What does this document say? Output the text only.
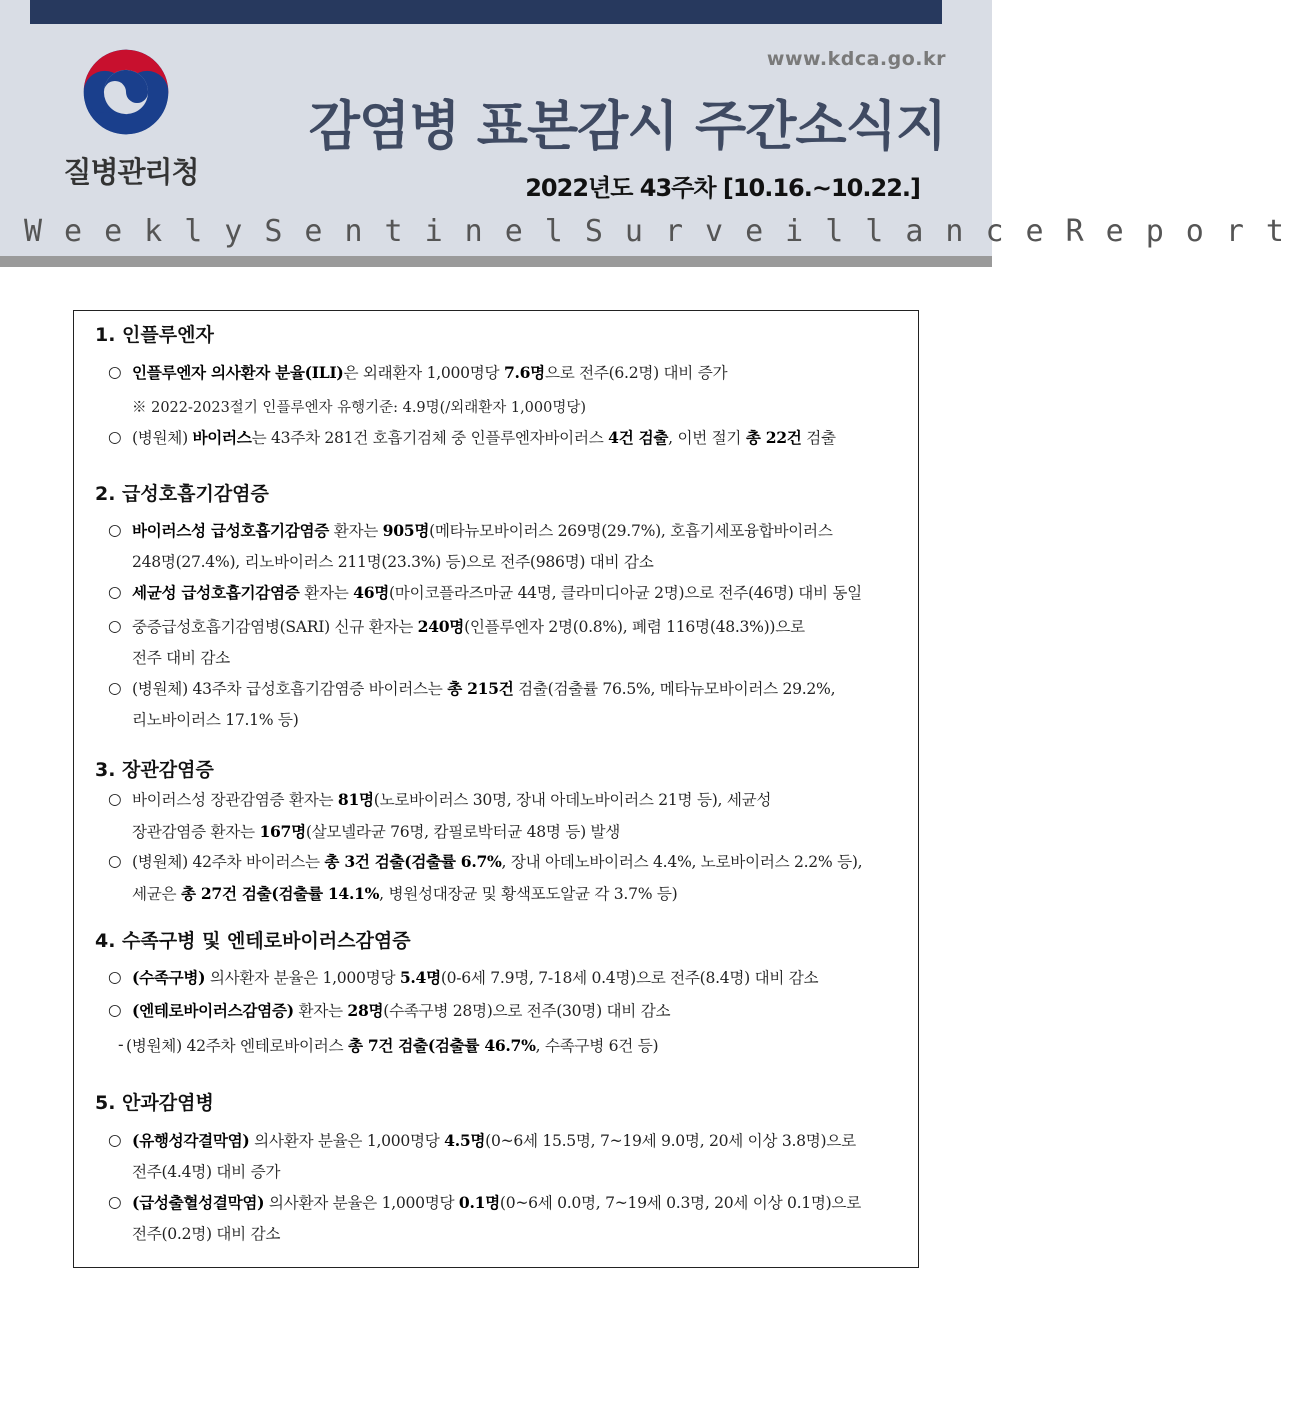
질병관리청
www.kdca.go.kr
감염병 표본감시 주간소식지
2022년도 43주차 [10.16.~10.22.]
Weekly Sentinel Surveillance Report
1. 인플루엔자
○ 인플루엔자 의사환자 분율(ILI)은 외래환자 1,000명당 7.6명으로 전주(6.2명) 대비 증가
※ 2022-2023절기 인플루엔자 유행기준: 4.9명(/외래환자 1,000명당)
○ (병원체) 바이러스는 43주차 281건 호흡기검체 중 인플루엔자바이러스 4건 검출, 이번 절기 총 22건 검출
2. 급성호흡기감염증
○ 바이러스성 급성호흡기감염증 환자는 905명(메타뉴모바이러스 269명(29.7%), 호흡기세포융합바이러스
248명(27.4%), 리노바이러스 211명(23.3%) 등)으로 전주(986명) 대비 감소
○ 세균성 급성호흡기감염증 환자는 46명(마이코플라즈마균 44명, 클라미디아균 2명)으로 전주(46명) 대비 동일
○ 중증급성호흡기감염병(SARI) 신규 환자는 240명(인플루엔자 2명(0.8%), 폐렴 116명(48.3%))으로
전주 대비 감소
○ (병원체) 43주차 급성호흡기감염증 바이러스는 총 215건 검출(검출률 76.5%, 메타뉴모바이러스 29.2%,
리노바이러스 17.1% 등)
3. 장관감염증
○ 바이러스성 장관감염증 환자는 81명(노로바이러스 30명, 장내 아데노바이러스 21명 등), 세균성
장관감염증 환자는 167명(살모넬라균 76명, 캄필로박터균 48명 등) 발생
○ (병원체) 42주차 바이러스는 총 3건 검출(검출률 6.7%, 장내 아데노바이러스 4.4%, 노로바이러스 2.2% 등),
세균은 총 27건 검출(검출률 14.1%, 병원성대장균 및 황색포도알균 각 3.7% 등)
4. 수족구병 및 엔테로바이러스감염증
○ (수족구병) 의사환자 분율은 1,000명당 5.4명(0-6세 7.9명, 7-18세 0.4명)으로 전주(8.4명) 대비 감소
○ (엔테로바이러스감염증) 환자는 28명(수족구병 28명)으로 전주(30명) 대비 감소
- (병원체) 42주차 엔테로바이러스 총 7건 검출(검출률 46.7%, 수족구병 6건 등)
5. 안과감염병
○ (유행성각결막염) 의사환자 분율은 1,000명당 4.5명(0~6세 15.5명, 7~19세 9.0명, 20세 이상 3.8명)으로
전주(4.4명) 대비 증가
○ (급성출혈성결막염) 의사환자 분율은 1,000명당 0.1명(0~6세 0.0명, 7~19세 0.3명, 20세 이상 0.1명)으로
전주(0.2명) 대비 감소
